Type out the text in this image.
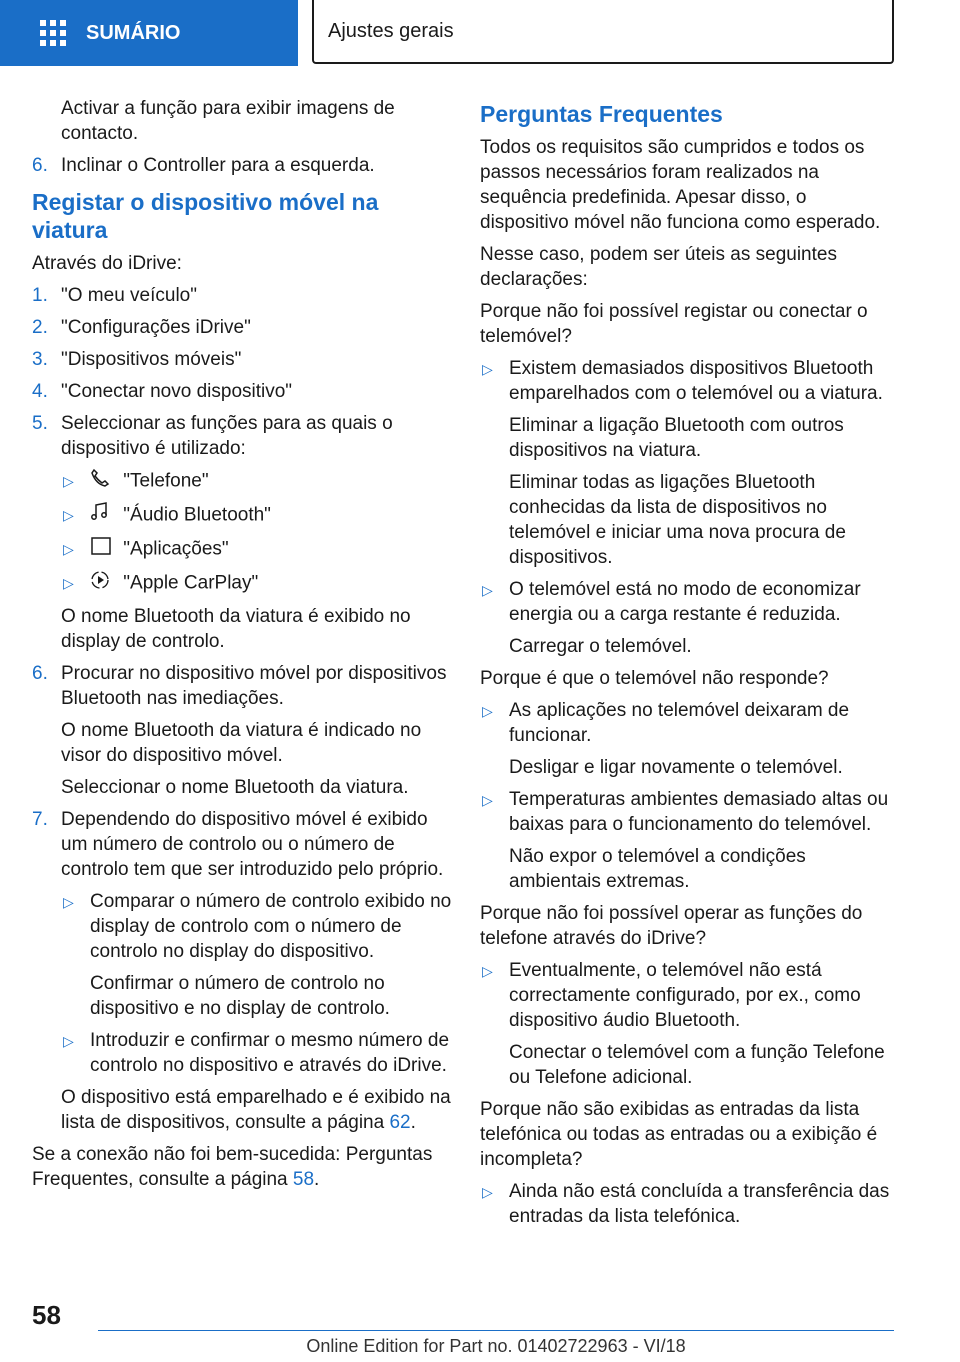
SUMÁRIO	Ajustes gerais

Activar a função para exibir imagens de contacto.

6. Inclinar o Controller para a esquerda.
Registar o dispositivo móvel na viatura

Através do iDrive:

1. "O meu veículo"
2. "Configurações iDrive"
3. "Dispositivos móveis"
4. "Conectar novo dispositivo"
5. Seleccionar as funções para as quais o dispositivo é utilizado:
▷	"Telefone"
▷	"Áudio Bluetooth"
▷	"Aplicações"
▷	"Apple CarPlay"

O nome Bluetooth da viatura é exibido no display de controlo.

6. Procurar no dispositivo móvel por dispositivos Bluetooth nas imediações.

O nome Bluetooth da viatura é indicado no visor do dispositivo móvel.

Seleccionar o nome Bluetooth da viatura.

7. Dependendo do dispositivo móvel é exibido um número de controlo ou o número de controlo tem que ser introduzido pelo próprio.
▷ Comparar o número de controlo exibido no display de controlo com o número de controlo no display do dispositivo.

Confirmar o número de controlo no dispositivo e no display de controlo.

▷ Introduzir e confirmar o mesmo número de controlo no dispositivo e através do iDrive.

O dispositivo está emparelhado e é exibido na lista de dispositivos, consulte a página 62.

Se a conexão não foi bem-sucedida: Perguntas Frequentes, consulte a página 58.

Perguntas Frequentes

Todos os requisitos são cumpridos e todos os passos necessários foram realizados na sequência predefinida. Apesar disso, o dispositivo móvel não funciona como esperado.

Nesse caso, podem ser úteis as seguintes declarações:

Porque não foi possível registar ou conectar o telemóvel?

▷ Existem demasiados dispositivos Bluetooth emparelhados com o telemóvel ou a viatura.

Eliminar a ligação Bluetooth com outros dispositivos na viatura.

Eliminar todas as ligações Bluetooth conhecidas da lista de dispositivos no telemóvel e iniciar uma nova procura de dispositivos.

▷ O telemóvel está no modo de economizar energia ou a carga restante é reduzida.

Carregar o telemóvel.

Porque é que o telemóvel não responde?

▷ As aplicações no telemóvel deixaram de funcionar.

Desligar e ligar novamente o telemóvel.

▷ Temperaturas ambientes demasiado altas ou baixas para o funcionamento do telemóvel.

Não expor o telemóvel a condições ambientais extremas.

Porque não foi possível operar as funções do telefone através do iDrive?

▷ Eventualmente, o telemóvel não está correctamente configurado, por ex., como dispositivo áudio Bluetooth.

Conectar o telemóvel com a função Telefone ou Telefone adicional.

Porque não são exibidas as entradas da lista telefónica ou todas as entradas ou a exibição é incompleta?

▷ Ainda não está concluída a transferência das entradas da lista telefónica.
58
Online Edition for Part no. 01402722963 - VI/18
